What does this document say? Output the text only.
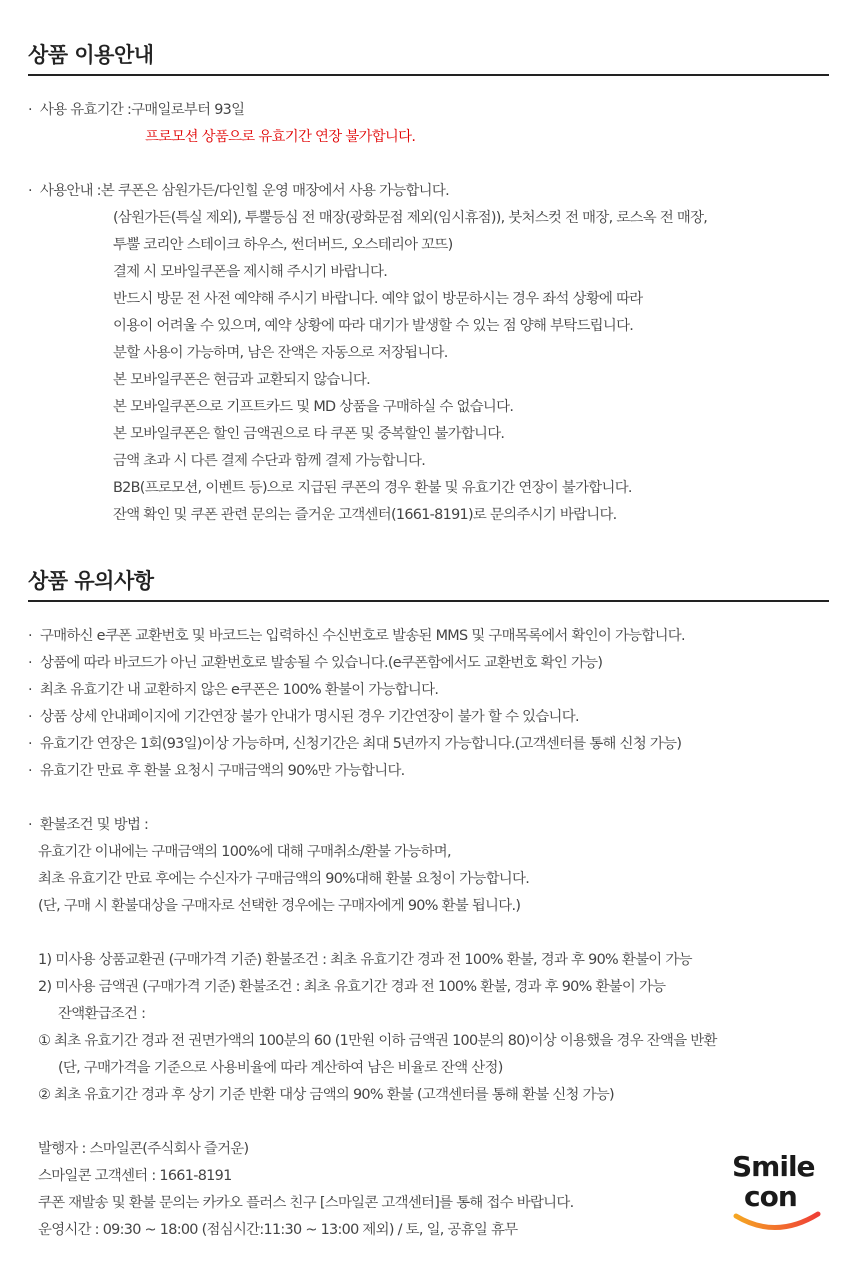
상품 이용안내
· 사용 유효기간 : 구매일로부터 93일
프로모션 상품으로 유효기간 연장 불가합니다.
· 사용안내 : 본 쿠폰은 삼원가든/다인힐 운영 매장에서 사용 가능합니다.
(삼원가든(특실 제외), 투뿔등심 전 매장(광화문점 제외(임시휴점)), 붓처스컷 전 매장, 로스옥 전 매장,
투뿔 코리안 스테이크 하우스, 썬더버드, 오스테리아 꼬뜨)
결제 시 모바일쿠폰을 제시해 주시기 바랍니다.
반드시 방문 전 사전 예약해 주시기 바랍니다. 예약 없이 방문하시는 경우 좌석 상황에 따라
이용이 어려울 수 있으며, 예약 상황에 따라 대기가 발생할 수 있는 점 양해 부탁드립니다.
분할 사용이 가능하며, 남은 잔액은 자동으로 저장됩니다.
본 모바일쿠폰은 현금과 교환되지 않습니다.
본 모바일쿠폰으로 기프트카드 및 MD 상품을 구매하실 수 없습니다.
본 모바일쿠폰은 할인 금액권으로 타 쿠폰 및 중복할인 불가합니다.
금액 초과 시 다른 결제 수단과 함께 결제 가능합니다.
B2B(프로모션, 이벤트 등)으로 지급된 쿠폰의 경우 환불 및 유효기간 연장이 불가합니다.
잔액 확인 및 쿠폰 관련 문의는 즐거운 고객센터(1661-8191)로 문의주시기 바랍니다.
상품 유의사항
· 구매하신 e쿠폰 교환번호 및 바코드는 입력하신 수신번호로 발송된 MMS 및 구매목록에서 확인이 가능합니다.
· 상품에 따라 바코드가 아닌 교환번호로 발송될 수 있습니다.(e쿠폰함에서도 교환번호 확인 가능)
· 최초 유효기간 내 교환하지 않은 e쿠폰은 100% 환불이 가능합니다.
· 상품 상세 안내페이지에 기간연장 불가 안내가 명시된 경우 기간연장이 불가 할 수 있습니다.
· 유효기간 연장은 1회(93일)이상 가능하며, 신청기간은 최대 5년까지 가능합니다.(고객센터를 통해 신청 가능)
· 유효기간 만료 후 환불 요청시 구매금액의 90%만 가능합니다.
· 환불조건 및 방법 :
유효기간 이내에는 구매금액의 100%에 대해 구매취소/환불 가능하며,
최초 유효기간 만료 후에는 수신자가 구매금액의 90%대해 환불 요청이 가능합니다.
(단, 구매 시 환불대상을 구매자로 선택한 경우에는 구매자에게 90% 환불 됩니다.)
1) 미사용 상품교환권 (구매가격 기준) 환불조건 : 최초 유효기간 경과 전 100% 환불, 경과 후 90% 환불이 가능
2) 미사용 금액권 (구매가격 기준) 환불조건 : 최초 유효기간 경과 전 100% 환불, 경과 후 90% 환불이 가능
잔액환급조건 :
① 최초 유효기간 경과 전 권면가액의 100분의 60 (1만원 이하 금액권 100분의 80)이상 이용했을 경우 잔액을 반환
(단, 구매가격을 기준으로 사용비율에 따라 계산하여 남은 비율로 잔액 산정)
② 최초 유효기간 경과 후 상기 기준 반환 대상 금액의 90% 환불 (고객센터를 통해 환불 신청 가능)
발행자 : 스마일콘(주식회사 즐거운)
스마일콘 고객센터 : 1661-8191
쿠폰 재발송 및 환불 문의는 카카오 플러스 친구 [스마일콘 고객센터]를 통해 접수 바랍니다.
운영시간 : 09:30 ~ 18:00 (점심시간:11:30 ~ 13:00 제외) / 토, 일, 공휴일 휴무
Smile
con
